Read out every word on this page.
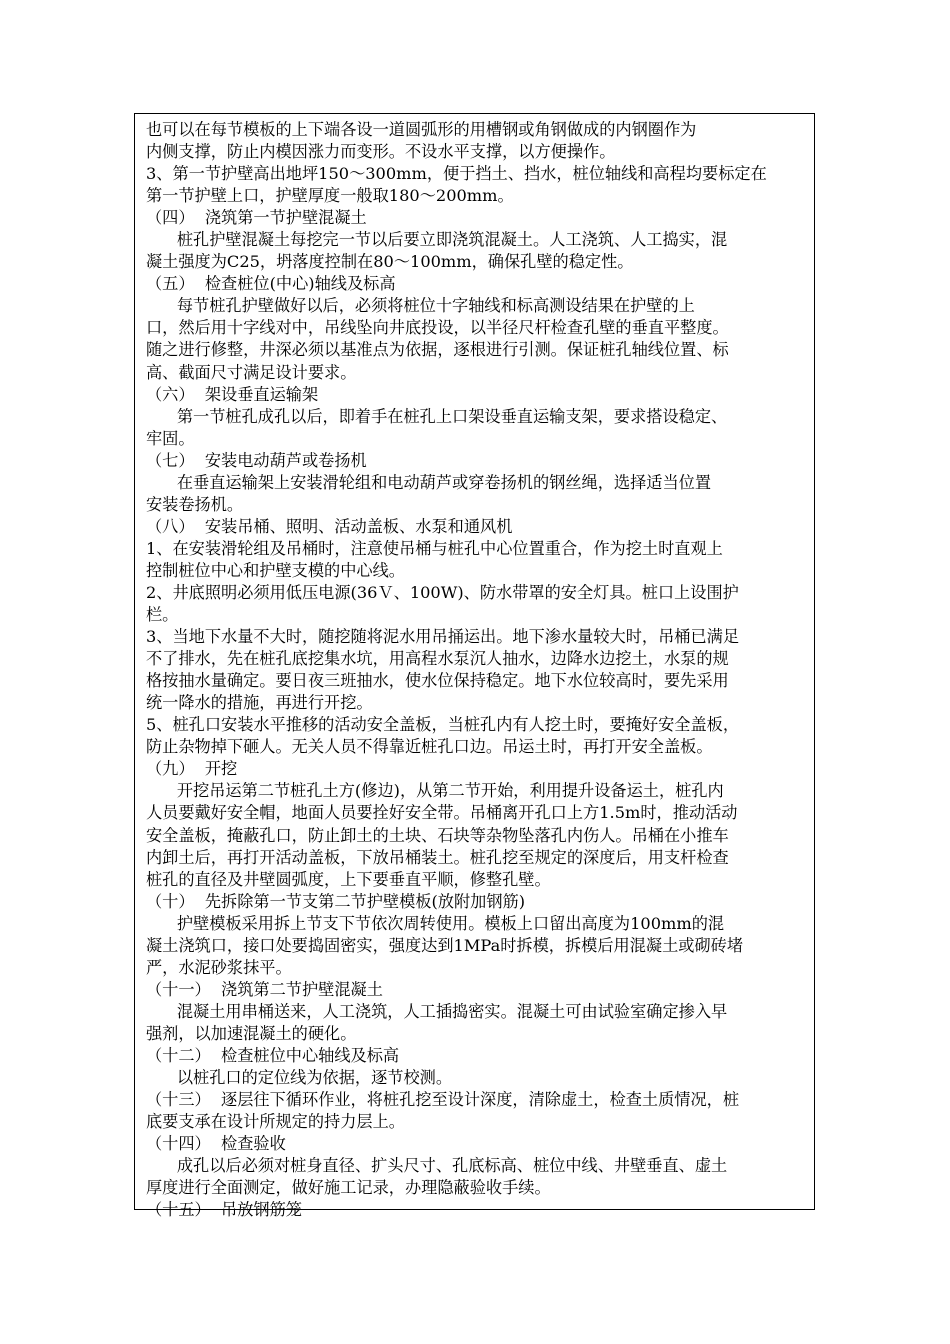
也可以在每节模板的上下端各设一道圆弧形的用槽钢或角钢做成的内钢圈作为
内侧支撑，防止内模因涨力而变形。不设水平支撑，以方便操作。
3、第一节护壁高出地坪150～300mm，便于挡土、挡水，桩位轴线和高程均要标定在
第一节护壁上口，护壁厚度一般取180～200mm。
（四）  浇筑第一节护壁混凝土
桩孔护壁混凝土每挖完一节以后要立即浇筑混凝土。人工浇筑、人工捣实，混
凝土强度为C25，坍落度控制在80～100mm，确保孔壁的稳定性。
（五）  检查桩位(中心)轴线及标高
每节桩孔护壁做好以后，必须将桩位十字轴线和标高测设结果在护壁的上
口，然后用十字线对中，吊线坠向井底投设，以半径尺杆检查孔壁的垂直平整度。
随之进行修整，井深必须以基准点为依据，逐根进行引测。保证桩孔轴线位置、标
高、截面尺寸满足设计要求。
（六）  架设垂直运输架
第一节桩孔成孔以后，即着手在桩孔上口架设垂直运输支架，要求搭设稳定、
牢固。
（七）  安装电动葫芦或卷扬机
在垂直运输架上安装滑轮组和电动葫芦或穿卷扬机的钢丝绳，选择适当位置
安装卷扬机。
（八）  安装吊桶、照明、活动盖板、水泵和通风机
1、在安装滑轮组及吊桶时，注意使吊桶与桩孔中心位置重合，作为挖土时直观上
控制桩位中心和护壁支模的中心线。
2、井底照明必须用低压电源(36Ｖ、100W)、防水带罩的安全灯具。桩口上设围护
栏。
3、当地下水量不大时，随挖随将泥水用吊捅运出。地下渗水量较大时，吊桶已满足
不了排水，先在桩孔底挖集水坑，用高程水泵沉人抽水，边降水边挖土，水泵的规
格按抽水量确定。要日夜三班抽水，使水位保持稳定。地下水位较高时，要先采用
统一降水的措施，再进行开挖。
5、桩孔口安装水平推移的活动安全盖板，当桩孔内有人挖土时，要掩好安全盖板，
防止杂物掉下砸人。无关人员不得靠近桩孔口边。吊运土时，再打开安全盖板。
（九）  开挖
开挖吊运第二节桩孔土方(修边)，从第二节开始，利用提升设备运土，桩孔内
人员要戴好安全帽，地面人员要拴好安全带。吊桶离开孔口上方1.5m时，推动活动
安全盖板，掩蔽孔口，防止卸土的土块、石块等杂物坠落孔内伤人。吊桶在小推车
内卸土后，再打开活动盖板，下放吊桶装土。桩孔挖至规定的深度后，用支杆检查
桩孔的直径及井壁圆弧度，上下要垂直平顺，修整孔壁。
（十）  先拆除第一节支第二节护壁模板(放附加钢筋)
护壁模板采用拆上节支下节依次周转使用。模板上口留出高度为100mm的混
凝土浇筑口，接口处要捣固密实，强度达到1MPa时拆模，拆模后用混凝土或砌砖堵
严，水泥砂浆抹平。
（十一）  浇筑第二节护壁混凝土
混凝土用串桶送来，人工浇筑，人工插捣密实。混凝土可由试验室确定掺入早
强剂，以加速混凝土的硬化。
（十二）  检查桩位中心轴线及标高
以桩孔口的定位线为依据，逐节校测。
（十三）  逐层往下循环作业，将桩孔挖至设计深度，清除虚土，检查土质情况，桩
底要支承在设计所规定的持力层上。
（十四）  检查验收
成孔以后必须对桩身直径、扩头尺寸、孔底标高、桩位中线、井壁垂直、虚土
厚度进行全面测定，做好施工记录，办理隐蔽验收手续。
（十五）  吊放钢筋笼
